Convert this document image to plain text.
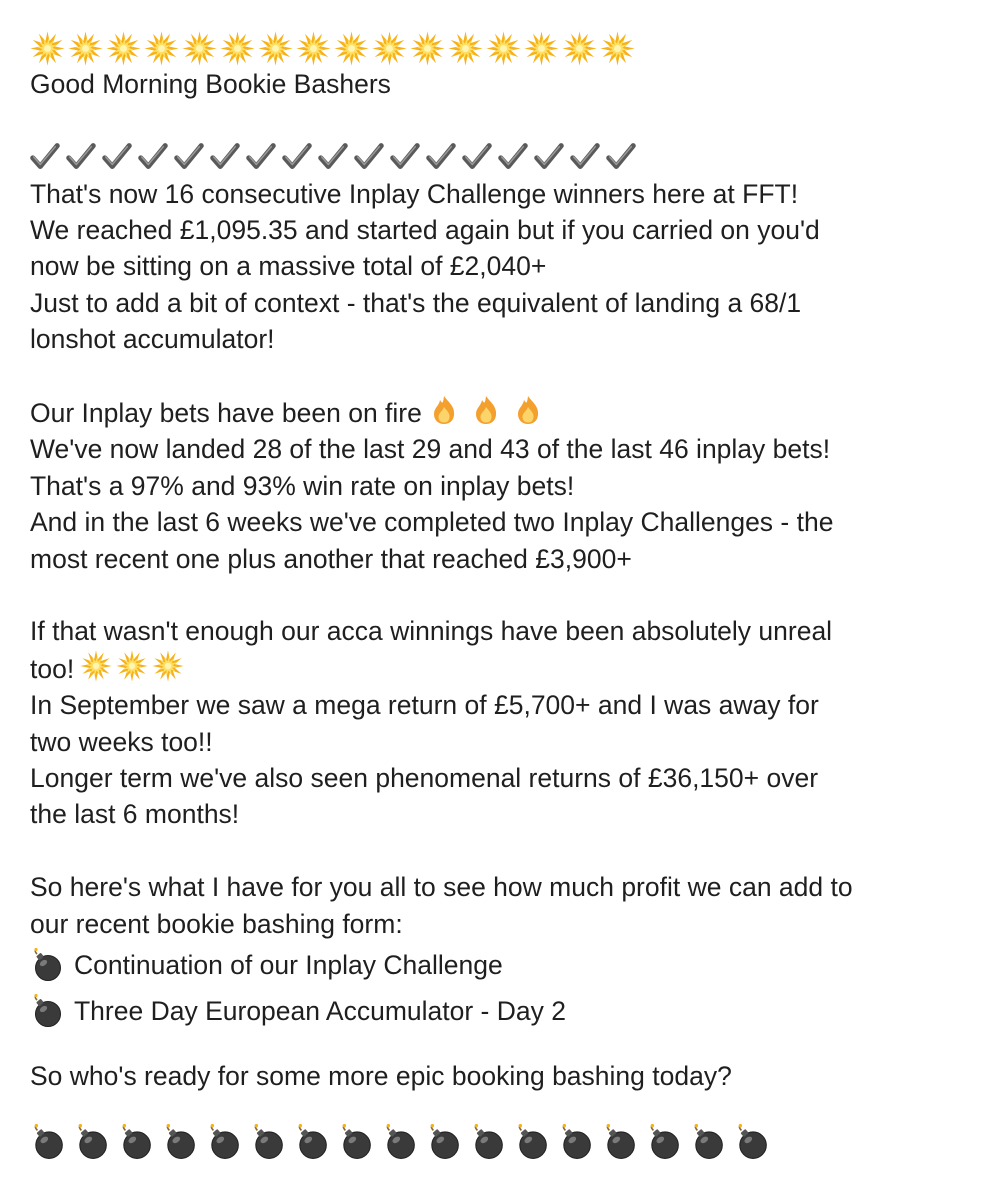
Good Morning Bookie Bashers
That's now 16 consecutive Inplay Challenge winners here at FFT!
We reached £1,095.35 and started again but if you carried on you'd
now be sitting on a massive total of £2,040+
Just to add a bit of context - that's the equivalent of landing a 68/1
lonshot accumulator!
Our Inplay bets have been on fire
We've now landed 28 of the last 29 and 43 of the last 46 inplay bets!
That's a 97% and 93% win rate on inplay bets!
And in the last 6 weeks we've completed two Inplay Challenges - the
most recent one plus another that reached £3,900+
If that wasn't enough our acca winnings have been absolutely unreal
too!
In September we saw a mega return of £5,700+ and I was away for
two weeks too!!
Longer term we've also seen phenomenal returns of £36,150+ over
the last 6 months!
So here's what I have for you all to see how much profit we can add to
our recent bookie bashing form:
Continuation of our Inplay Challenge
Three Day European Accumulator - Day 2
So who's ready for some more epic booking bashing today?
